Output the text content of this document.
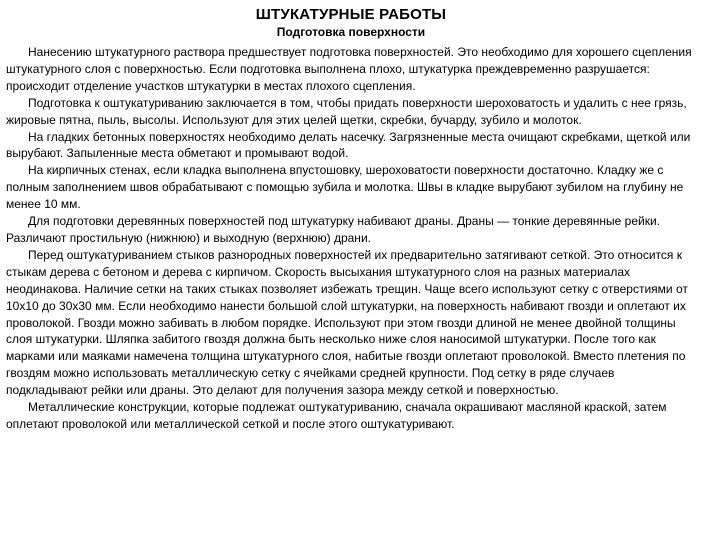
ШТУКАТУРНЫЕ РАБОТЫ
Подготовка поверхности

Нанесению штукатурного раствора предшествует подготовка поверхностей. Это необходимо для хорошего сцепления штукатурного слоя с поверхностью. Если подготовка выполнена плохо, штукатурка преждевременно разрушается: происходит отделение участков штукатурки в местах плохого сцепления.

Подготовка к оштукатуриванию заключается в том, чтобы придать поверхности шероховатость и удалить с нее грязь, жировые пятна, пыль, высолы. Используют для этих целей щетки, скребки, бучарду, зубило и молоток.

На гладких бетонных поверхностях необходимо делать насечку. Загрязненные места очищают скребками, щеткой или вырубают. Запыленные места обметают и промывают водой.

На кирпичных стенах, если кладка выполнена впустошовку, шероховатости поверхности достаточно. Кладку же с полным заполнением швов обрабатывают с помощью зубила и молотка. Швы в кладке вырубают зубилом на глубину не менее 10 мм.

Для подготовки деревянных поверхностей под штукатурку набивают драны. Драны — тонкие деревянные рейки. Различают простильную (нижнюю) и выходную (верхнюю) драни.

Перед оштукатуриванием стыков разнородных поверхностей их предварительно затягивают сеткой. Это относится к стыкам дерева с бетоном и дерева с кирпичом. Скорость высыхания штукатурного слоя на разных материалах неодинакова. Наличие сетки на таких стыках позволяет избежать трещин. Чаще всего используют сетку с отверстиями от 10х10 до 30х30 мм. Если необходимо нанести большой слой штукатурки, на поверхность набивают гвозди и оплетают их проволокой. Гвозди можно забивать в любом порядке. Используют при этом гвозди длиной не менее двойной толщины слоя штукатурки. Шляпка забитого гвоздя должна быть несколько ниже слоя наносимой штукатурки. После того как марками или маяками намечена толщина штукатурного слоя, набитые гвозди оплетают проволокой. Вместо плетения по гвоздям можно использовать металлическую сетку с ячейками средней крупности. Под сетку в ряде случаев подкладывают рейки или драны. Это делают для получения зазора между сеткой и поверхностью.

Металлические конструкции, которые подлежат оштукатуриванию, сначала окрашивают масляной краской, затем оплетают проволокой или металлической сеткой и после этого оштукатуривают.
